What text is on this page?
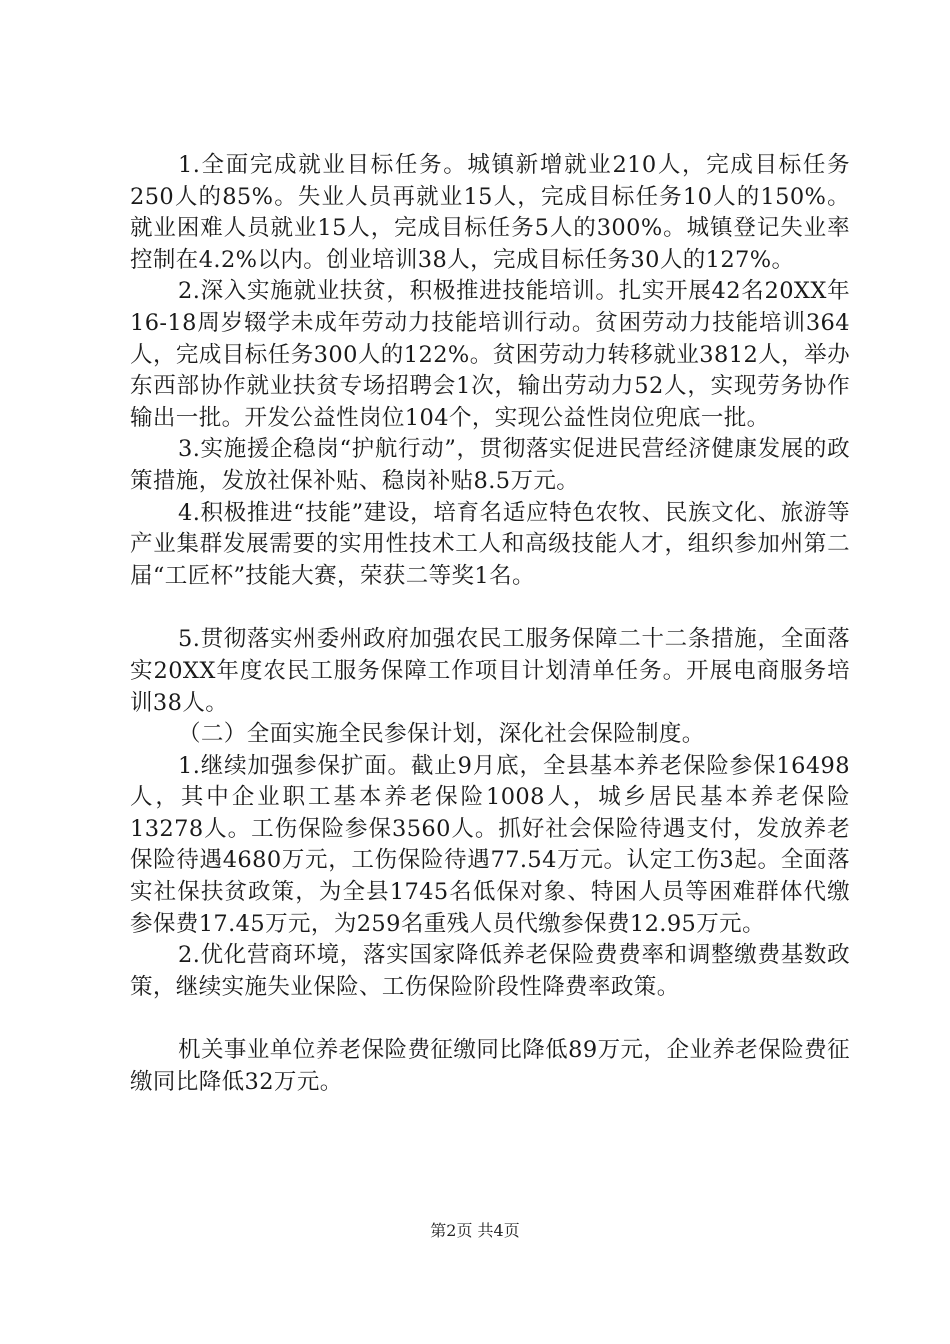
1.全面完成就业目标任务。城镇新增就业210人，完成目标任务250人的85%。失业人员再就业15人，完成目标任务10人的150%。就业困难人员就业15人，完成目标任务5人的300%。城镇登记失业率控制在4.2%以内。创业培训38人，完成目标任务30人的127%。

2.深入实施就业扶贫，积极推进技能培训。扎实开展42名20XX年16-18周岁辍学未成年劳动力技能培训行动。贫困劳动力技能培训364人，完成目标任务300人的122%。贫困劳动力转移就业3812人，举办东西部协作就业扶贫专场招聘会1次，输出劳动力52人，实现劳务协作输出一批。开发公益性岗位104个，实现公益性岗位兜底一批。

3.实施援企稳岗“护航行动”，贯彻落实促进民营经济健康发展的政策措施，发放社保补贴、稳岗补贴8.5万元。

4.积极推进“技能”建设，培育名适应特色农牧、民族文化、旅游等产业集群发展需要的实用性技术工人和高级技能人才，组织参加州第二届“工匠杯”技能大赛，荣获二等奖1名。

5.贯彻落实州委州政府加强农民工服务保障二十二条措施，全面落实20XX年度农民工服务保障工作项目计划清单任务。开展电商服务培训38人。

（二）全面实施全民参保计划，深化社会保险制度。

1.继续加强参保扩面。截止9月底，全县基本养老保险参保16498人，其中企业职工基本养老保险1008人，城乡居民基本养老保险13278人。工伤保险参保3560人。抓好社会保险待遇支付，发放养老保险待遇4680万元，工伤保险待遇77.54万元。认定工伤3起。全面落实社保扶贫政策，为全县1745名低保对象、特困人员等困难群体代缴参保费17.45万元，为259名重残人员代缴参保费12.95万元。

2.优化营商环境，落实国家降低养老保险费费率和调整缴费基数政策，继续实施失业保险、工伤保险阶段性降费率政策。

机关事业单位养老保险费征缴同比降低89万元，企业养老保险费征缴同比降低32万元。

第2页 共4页
